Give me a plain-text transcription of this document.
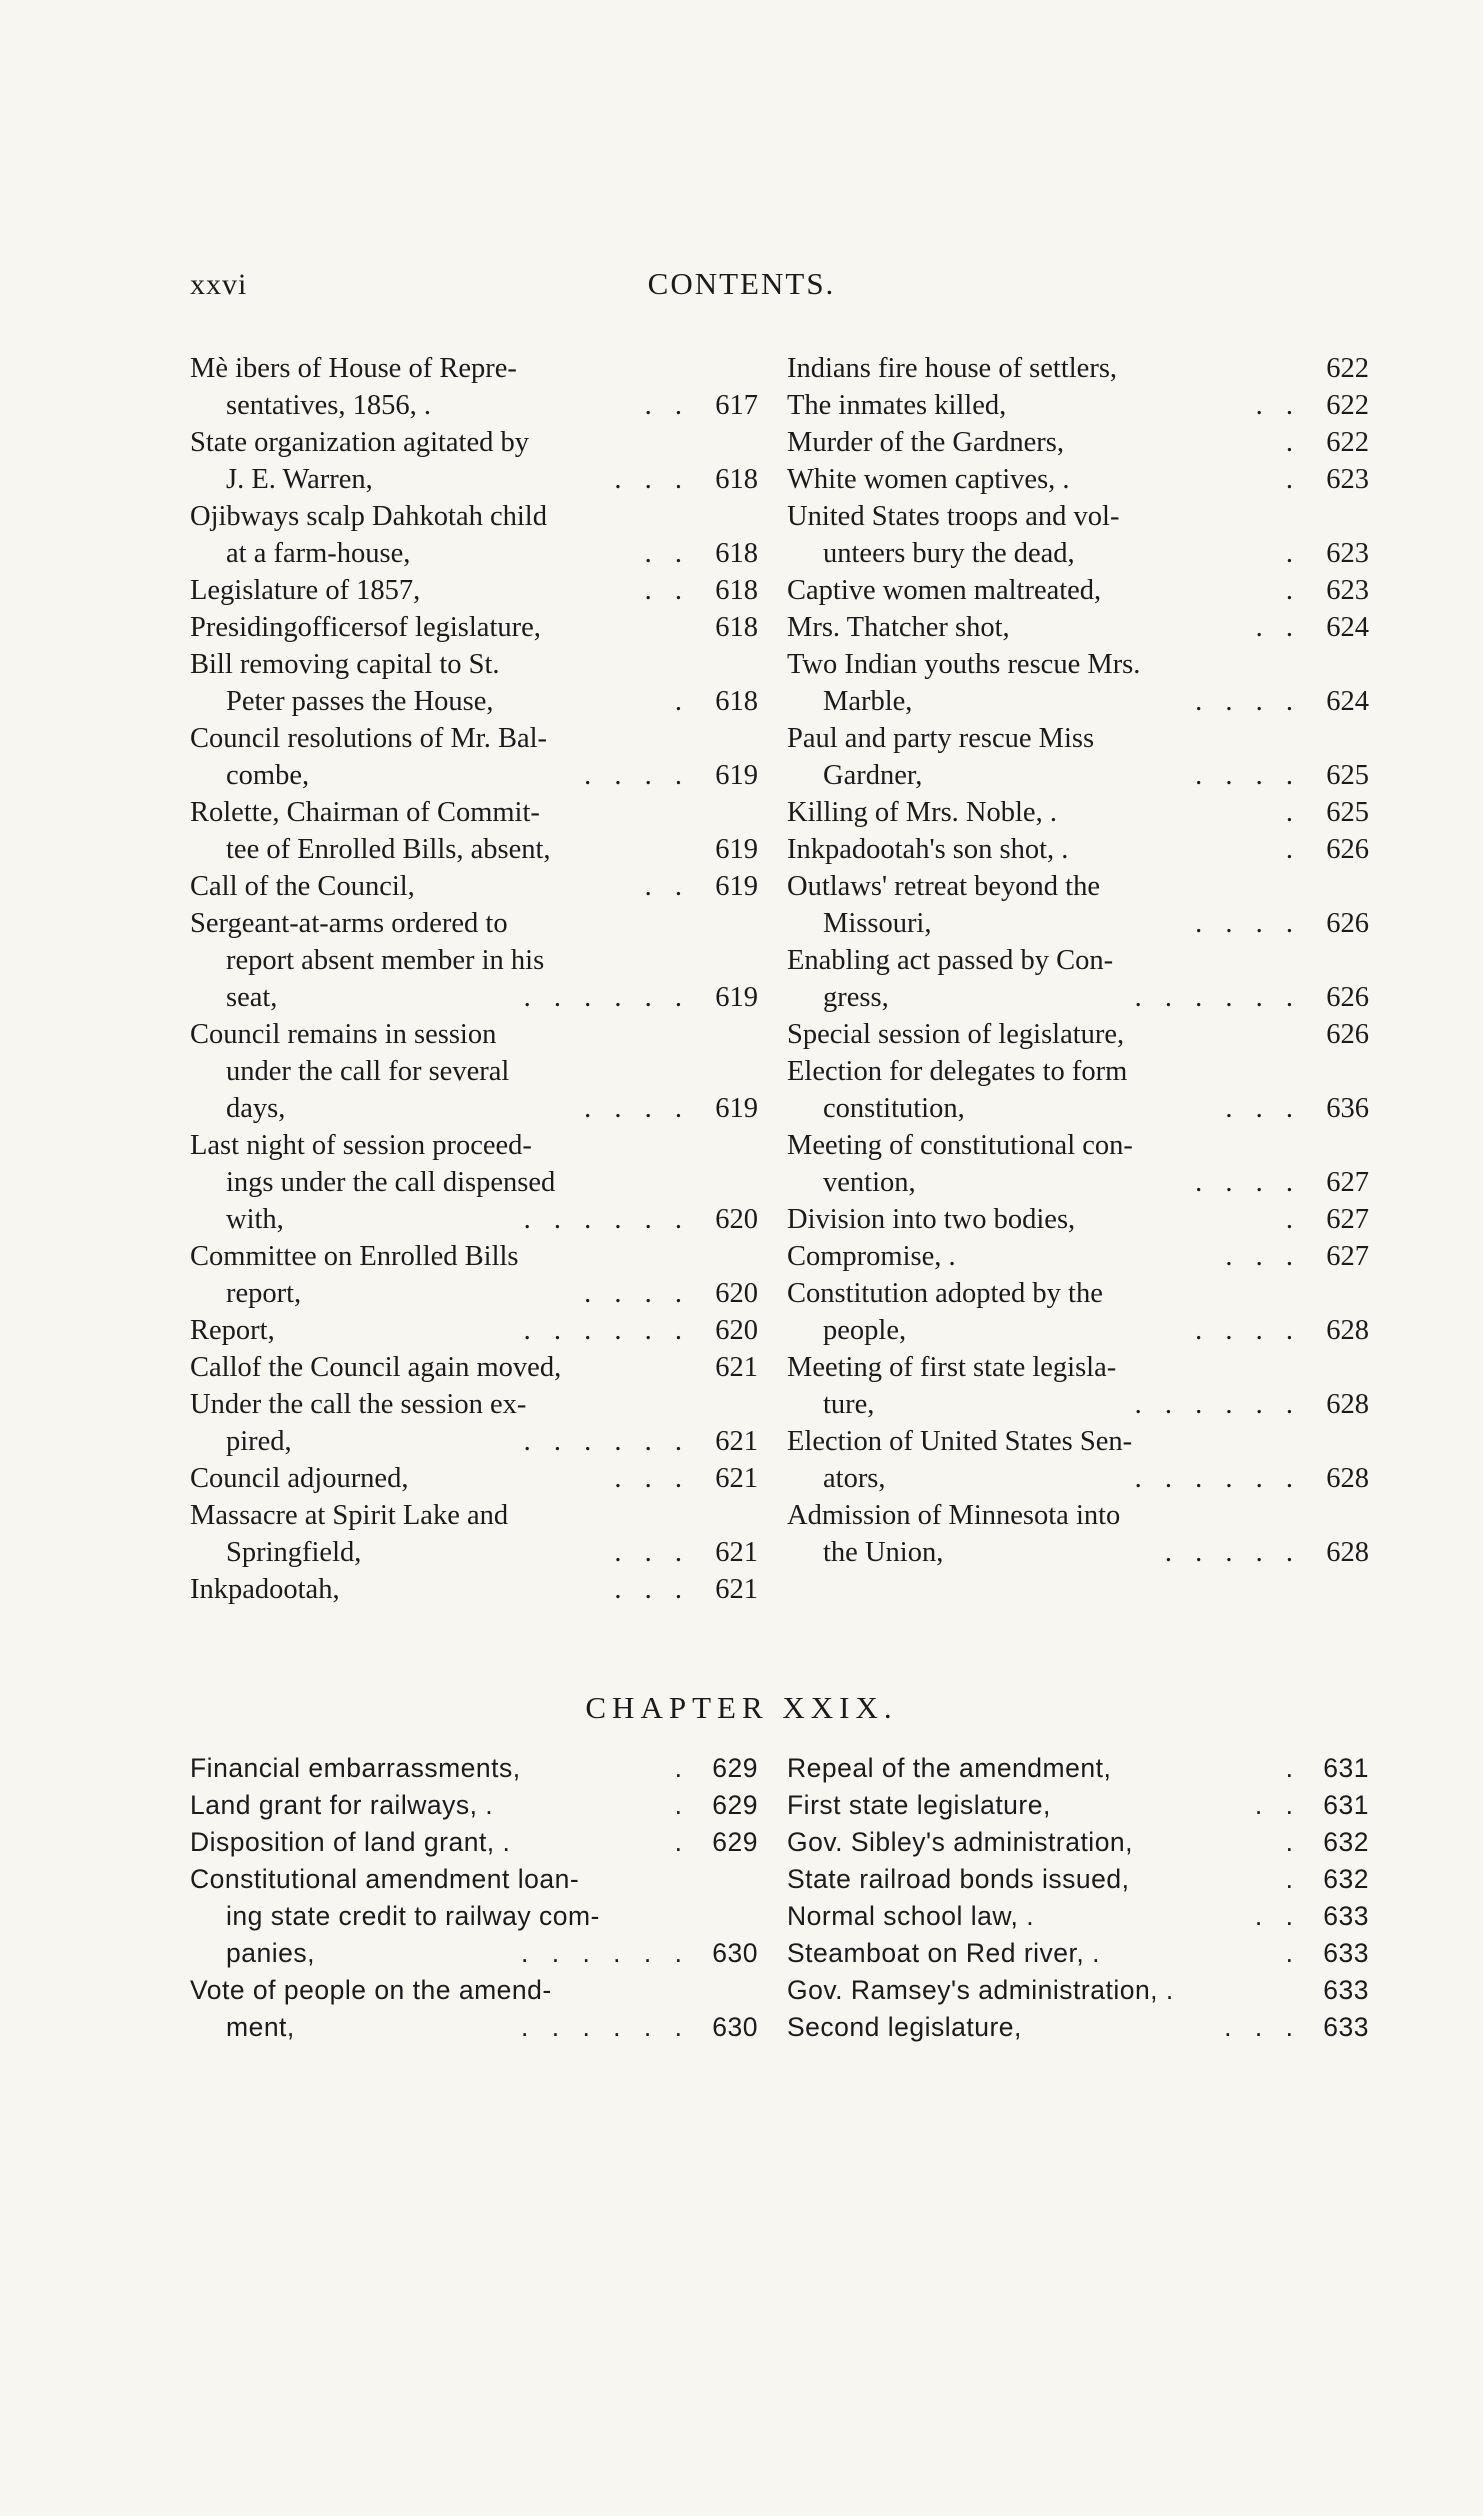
xxvi	CONTENTS.
Mè ibers of House of Repre-
sentatives, 1856, .	. . 617
State organization agitated by
J. E. Warren,	. . . 618
Ojibways scalp Dahkotah child
at a farm-house,	. . 618
Legislature of 1857,	. . 618
Presidingofficersof legislature,	618
Bill removing capital to St.
Peter passes the House,	. 618
Council resolutions of Mr. Bal-
combe,	. . . . 619
Rolette, Chairman of Commit-
tee of Enrolled Bills, absent,	619
Call of the Council,	. . 619
Sergeant-at-arms ordered to
report absent member in his
seat,	. . . . . . 619
Council remains in session
under the call for several
days,	. . . . 619
Last night of session proceed-
ings under the call dispensed
with,	. . . . . . 620
Committee on Enrolled Bills
report,	. . . . 620
Report,	. . . . . . 620
Callof the Council again moved,	621
Under the call the session ex-
pired,	. . . . . . 621
Council adjourned,	. . . 621
Massacre at Spirit Lake and
Springfield,	. . . 621
Inkpadootah,	. . . 621
Indians fire house of settlers,	622
The inmates killed,	. . 622
Murder of the Gardners,	. 622
White women captives, .	. 623
United States troops and vol-
unteers bury the dead,	. 623
Captive women maltreated,	. 623
Mrs. Thatcher shot,	. . 624
Two Indian youths rescue Mrs.
Marble,	. . . . 624
Paul and party rescue Miss
Gardner,	. . . . 625
Killing of Mrs. Noble, .	. 625
Inkpadootah's son shot, .	. 626
Outlaws' retreat beyond the
Missouri,	. . . . 626
Enabling act passed by Con-
gress,	. . . . . . 626
Special session of legislature,	626
Election for delegates to form
constitution,	. . . 636
Meeting of constitutional con-
vention,	. . . . 627
Division into two bodies,	. 627
Compromise, .	. . . 627
Constitution adopted by the
people,	. . . . 628
Meeting of first state legisla-
ture,	. . . . . . 628
Election of United States Sen-
ators,	. . . . . . 628
Admission of Minnesota into
the Union,	. . . . . 628
CHAPTER XXIX.
Financial embarrassments,	. 629
Land grant for railways, .	. 629
Disposition of land grant, .	. 629
Constitutional amendment loan-
ing state credit to railway com-
panies,	. . . . . . 630
Vote of people on the amend-
ment,	. . . . . . 630
Repeal of the amendment,	. 631
First state legislature,	. . 631
Gov. Sibley's administration,	. 632
State railroad bonds issued,	. 632
Normal school law, .	. . 633
Steamboat on Red river, .	. 633
Gov. Ramsey's administration, .	633
Second legislature,	. . . 633
